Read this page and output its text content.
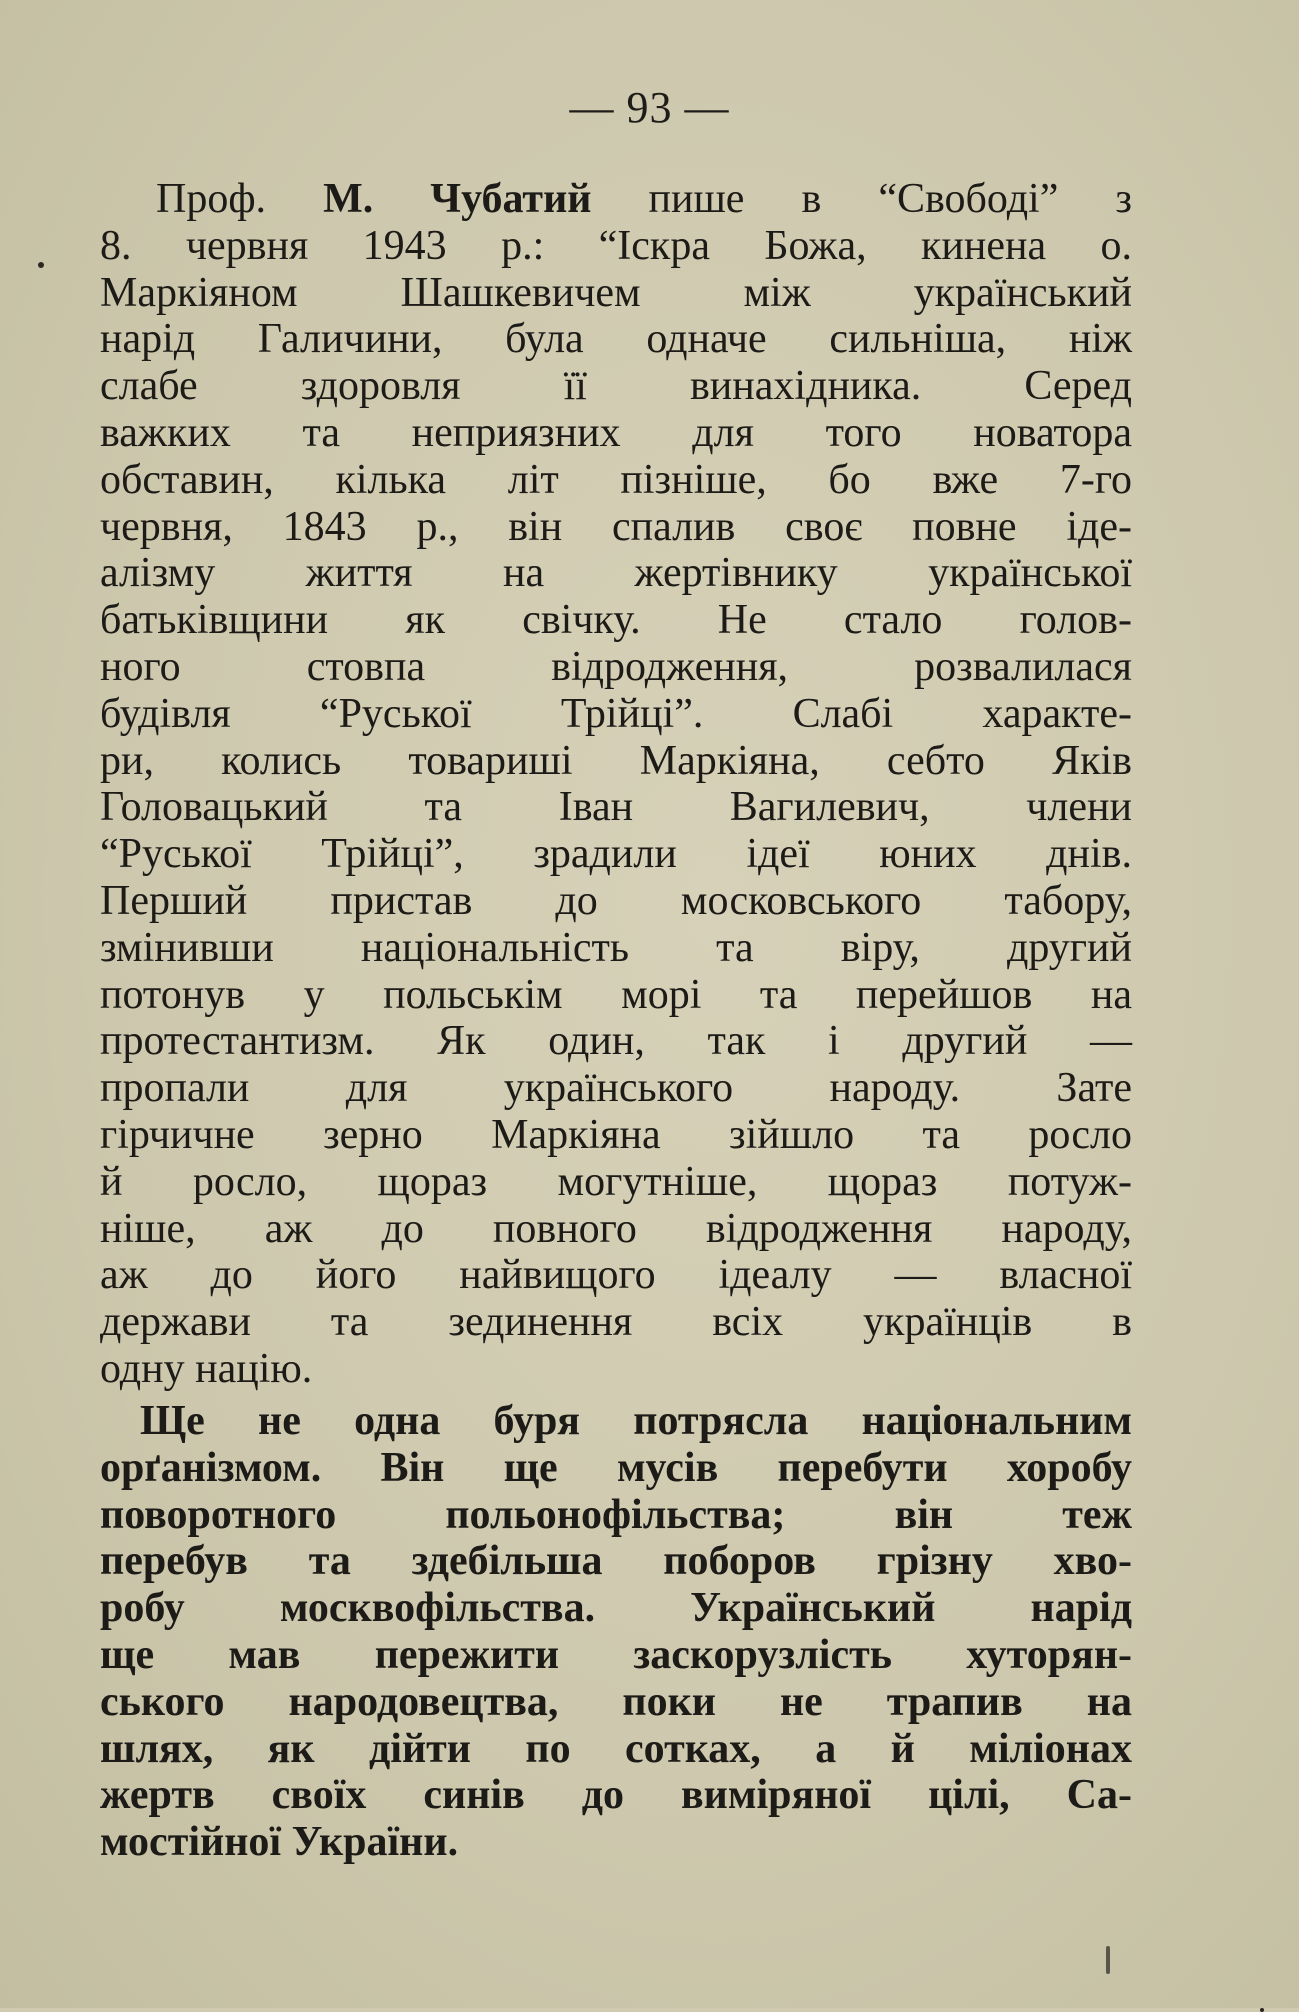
— 93 —
Проф. М. Чубатий пише в “Свободі” з
8. червня 1943 р.: “Іскра Божа, кинена о.
Маркіяном Шашкевичем між український
нарід Галичини, була одначе сильніша, ніж
слабе здоровля її винахідника. Серед
важких та неприязних для того новатора
обставин, кілька літ пізніше, бо вже 7-го
червня, 1843 р., він спалив своє повне іде-
алізму життя на жертівнику української
батьківщини як свічку. Не стало голов-
ного стовпа відродження, розвалилася
будівля “Руської Трійці”. Слабі характе-
ри, колись товариші Маркіяна, себто Яків
Головацький та Іван Вагилевич, члени
“Руської Трійці”, зрадили ідеї юних днів.
Перший пристав до московського табору,
змінивши національність та віру, другий
потонув у польськім морі та перейшов на
протестантизм. Як один, так і другий —
пропали для українського народу. Зате
гірчичне зерно Маркіяна зійшло та росло
й росло, щораз могутніше, щораз потуж-
ніше, аж до повного відродження народу,
аж до його найвищого ідеалу — власної
держави та зединення всіх українців в
одну націю.
Ще не одна буря потрясла національним
орґанізмом. Він ще мусів перебути хоробу
поворотного польонофільства; він теж
перебув та здебільша поборов грізну хво-
робу москвофільства. Український нарід
ще мав пережити заскорузлість хуторян-
ського народовецтва, поки не трапив на
шлях, як дійти по сотках, а й міліонах
жертв своїх синів до виміряної цілі, Са-
мостійної України.
